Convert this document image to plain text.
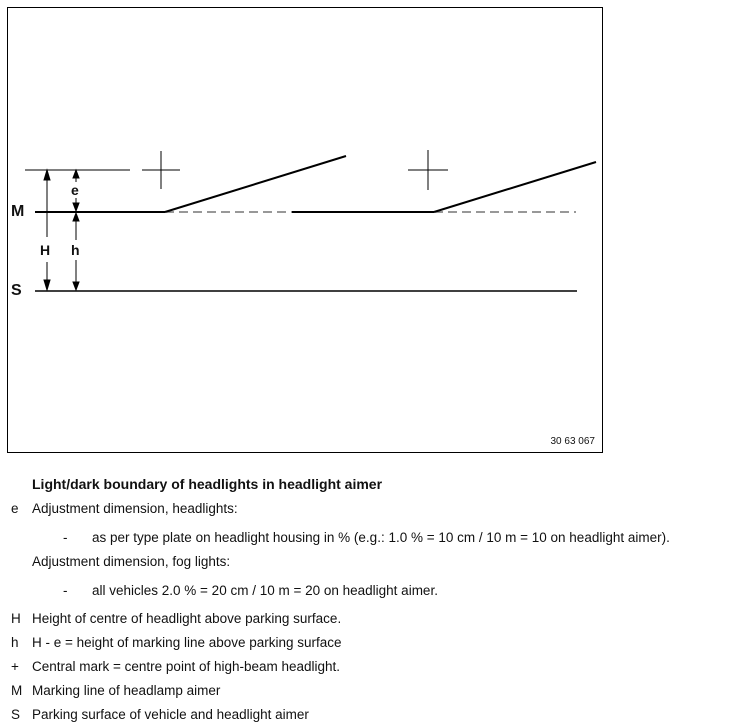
M
S
H h
e
30 63 067
Light/dark boundary of headlights in headlight aimer
e Adjustment dimension, headlights:
- as per type plate on headlight housing in % (e.g.: 1.0 % = 10 cm / 10 m = 10 on headlight aimer).
Adjustment dimension, fog lights:
- all vehicles 2.0 % = 20 cm / 10 m = 20 on headlight aimer.
H Height of centre of headlight above parking surface.
h H - e = height of marking line above parking surface
+ Central mark = centre point of high-beam headlight.
M Marking line of headlamp aimer
S Parking surface of vehicle and headlight aimer
